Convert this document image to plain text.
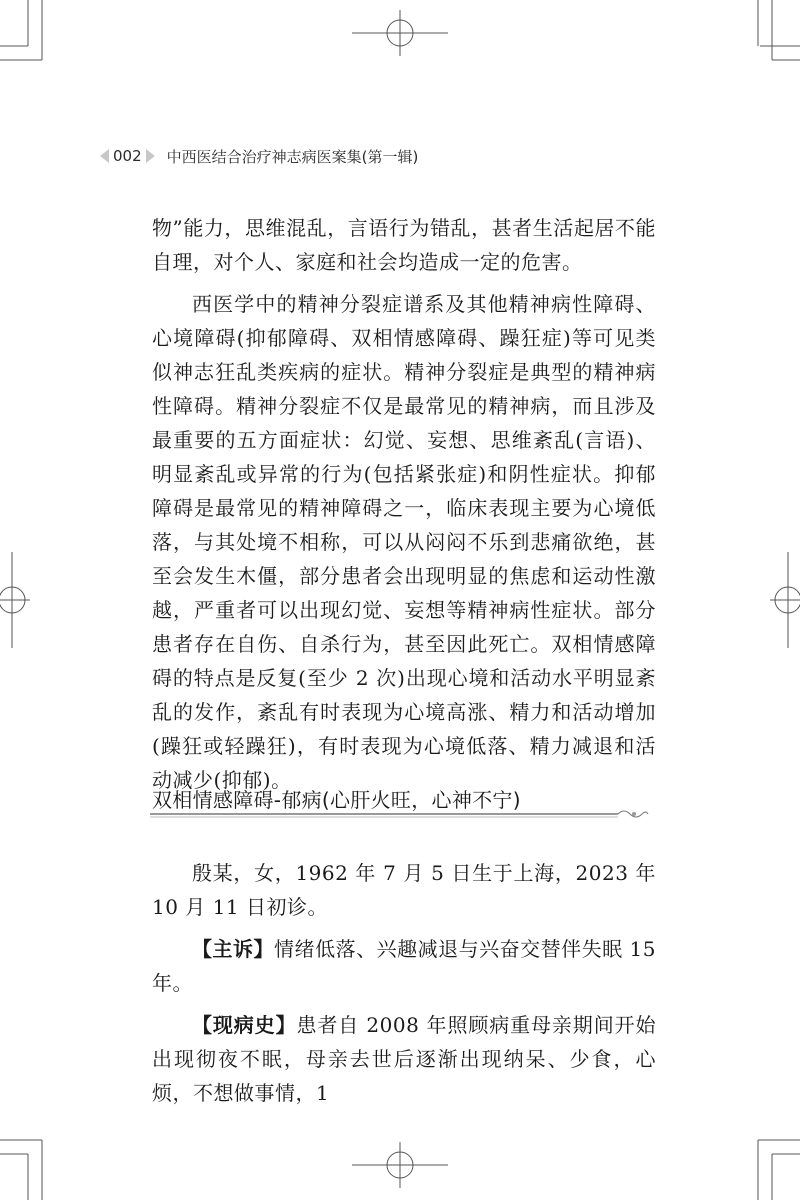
002 中西医结合治疗神志病医案集(第一辑)

物”能力，思维混乱，言语行为错乱，甚者生活起居不能自理，对个人、家庭和社会均造成一定的危害。

西医学中的精神分裂症谱系及其他精神病性障碍、心境障碍(抑郁障碍、双相情感障碍、躁狂症)等可见类似神志狂乱类疾病的症状。精神分裂症是典型的精神病性障碍。精神分裂症不仅是最常见的精神病，而且涉及最重要的五方面症状：幻觉、妄想、思维紊乱(言语)、明显紊乱或异常的行为(包括紧张症)和阴性症状。抑郁障碍是最常见的精神障碍之一，临床表现主要为心境低落，与其处境不相称，可以从闷闷不乐到悲痛欲绝，甚至会发生木僵，部分患者会出现明显的焦虑和运动性激越，严重者可以出现幻觉、妄想等精神病性症状。部分患者存在自伤、自杀行为，甚至因此死亡。双相情感障碍的特点是反复(至少 2 次)出现心境和活动水平明显紊乱的发作，紊乱有时表现为心境高涨、精力和活动增加(躁狂或轻躁狂)，有时表现为心境低落、精力减退和活动减少(抑郁)。

双相情感障碍-郁病(心肝火旺，心神不宁)

殷某，女，1962 年 7 月 5 日生于上海，2023 年 10 月 11 日初诊。

【主诉】情绪低落、兴趣减退与兴奋交替伴失眠 15 年。

【现病史】患者自 2008 年照顾病重母亲期间开始出现彻夜不眠，母亲去世后逐渐出现纳呆、少食，心烦，不想做事情，1
